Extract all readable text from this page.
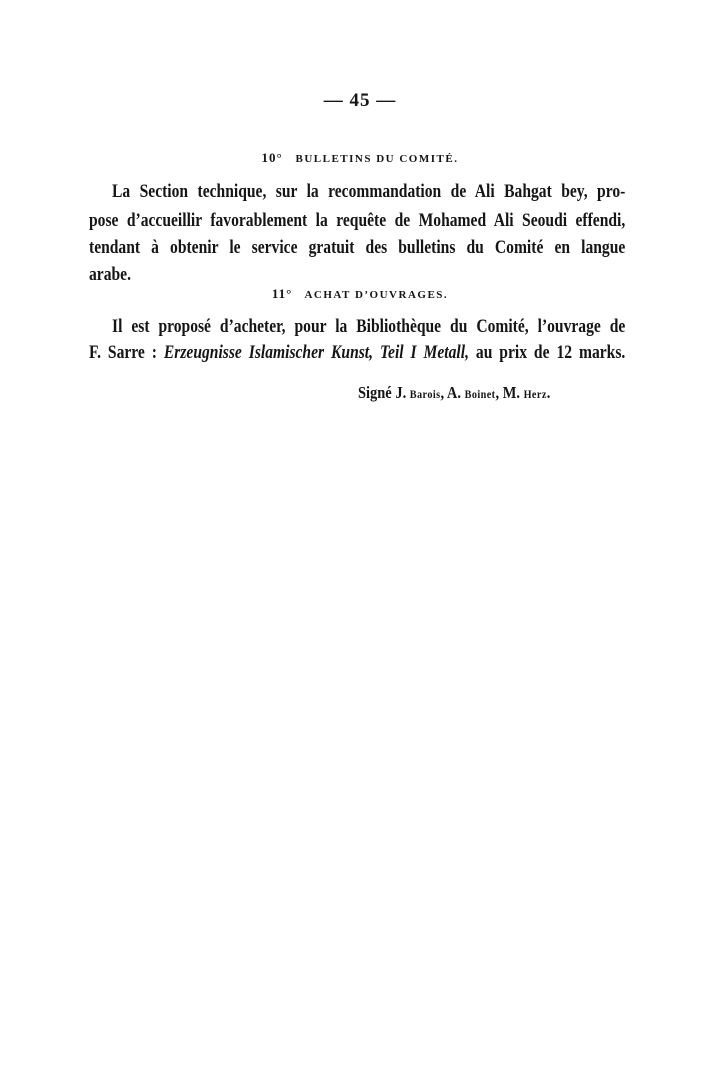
— 45 —
10° BULLETINS DU COMITÉ.
La Section technique, sur la recommandation de Ali Bahgat bey, pro-
pose d’accueillir favorablement la requête de Mohamed Ali Seoudi effendi,
tendant à obtenir le service gratuit des bulletins du Comité en langue
arabe.
11° ACHAT D’OUVRAGES.
Il est proposé d’acheter, pour la Bibliothèque du Comité, l’ouvrage de
F. Sarre : Erzeugnisse Islamischer Kunst, Teil I Metall, au prix de 12 marks.
Signé J. Barois, A. Boinet, M. Herz.
